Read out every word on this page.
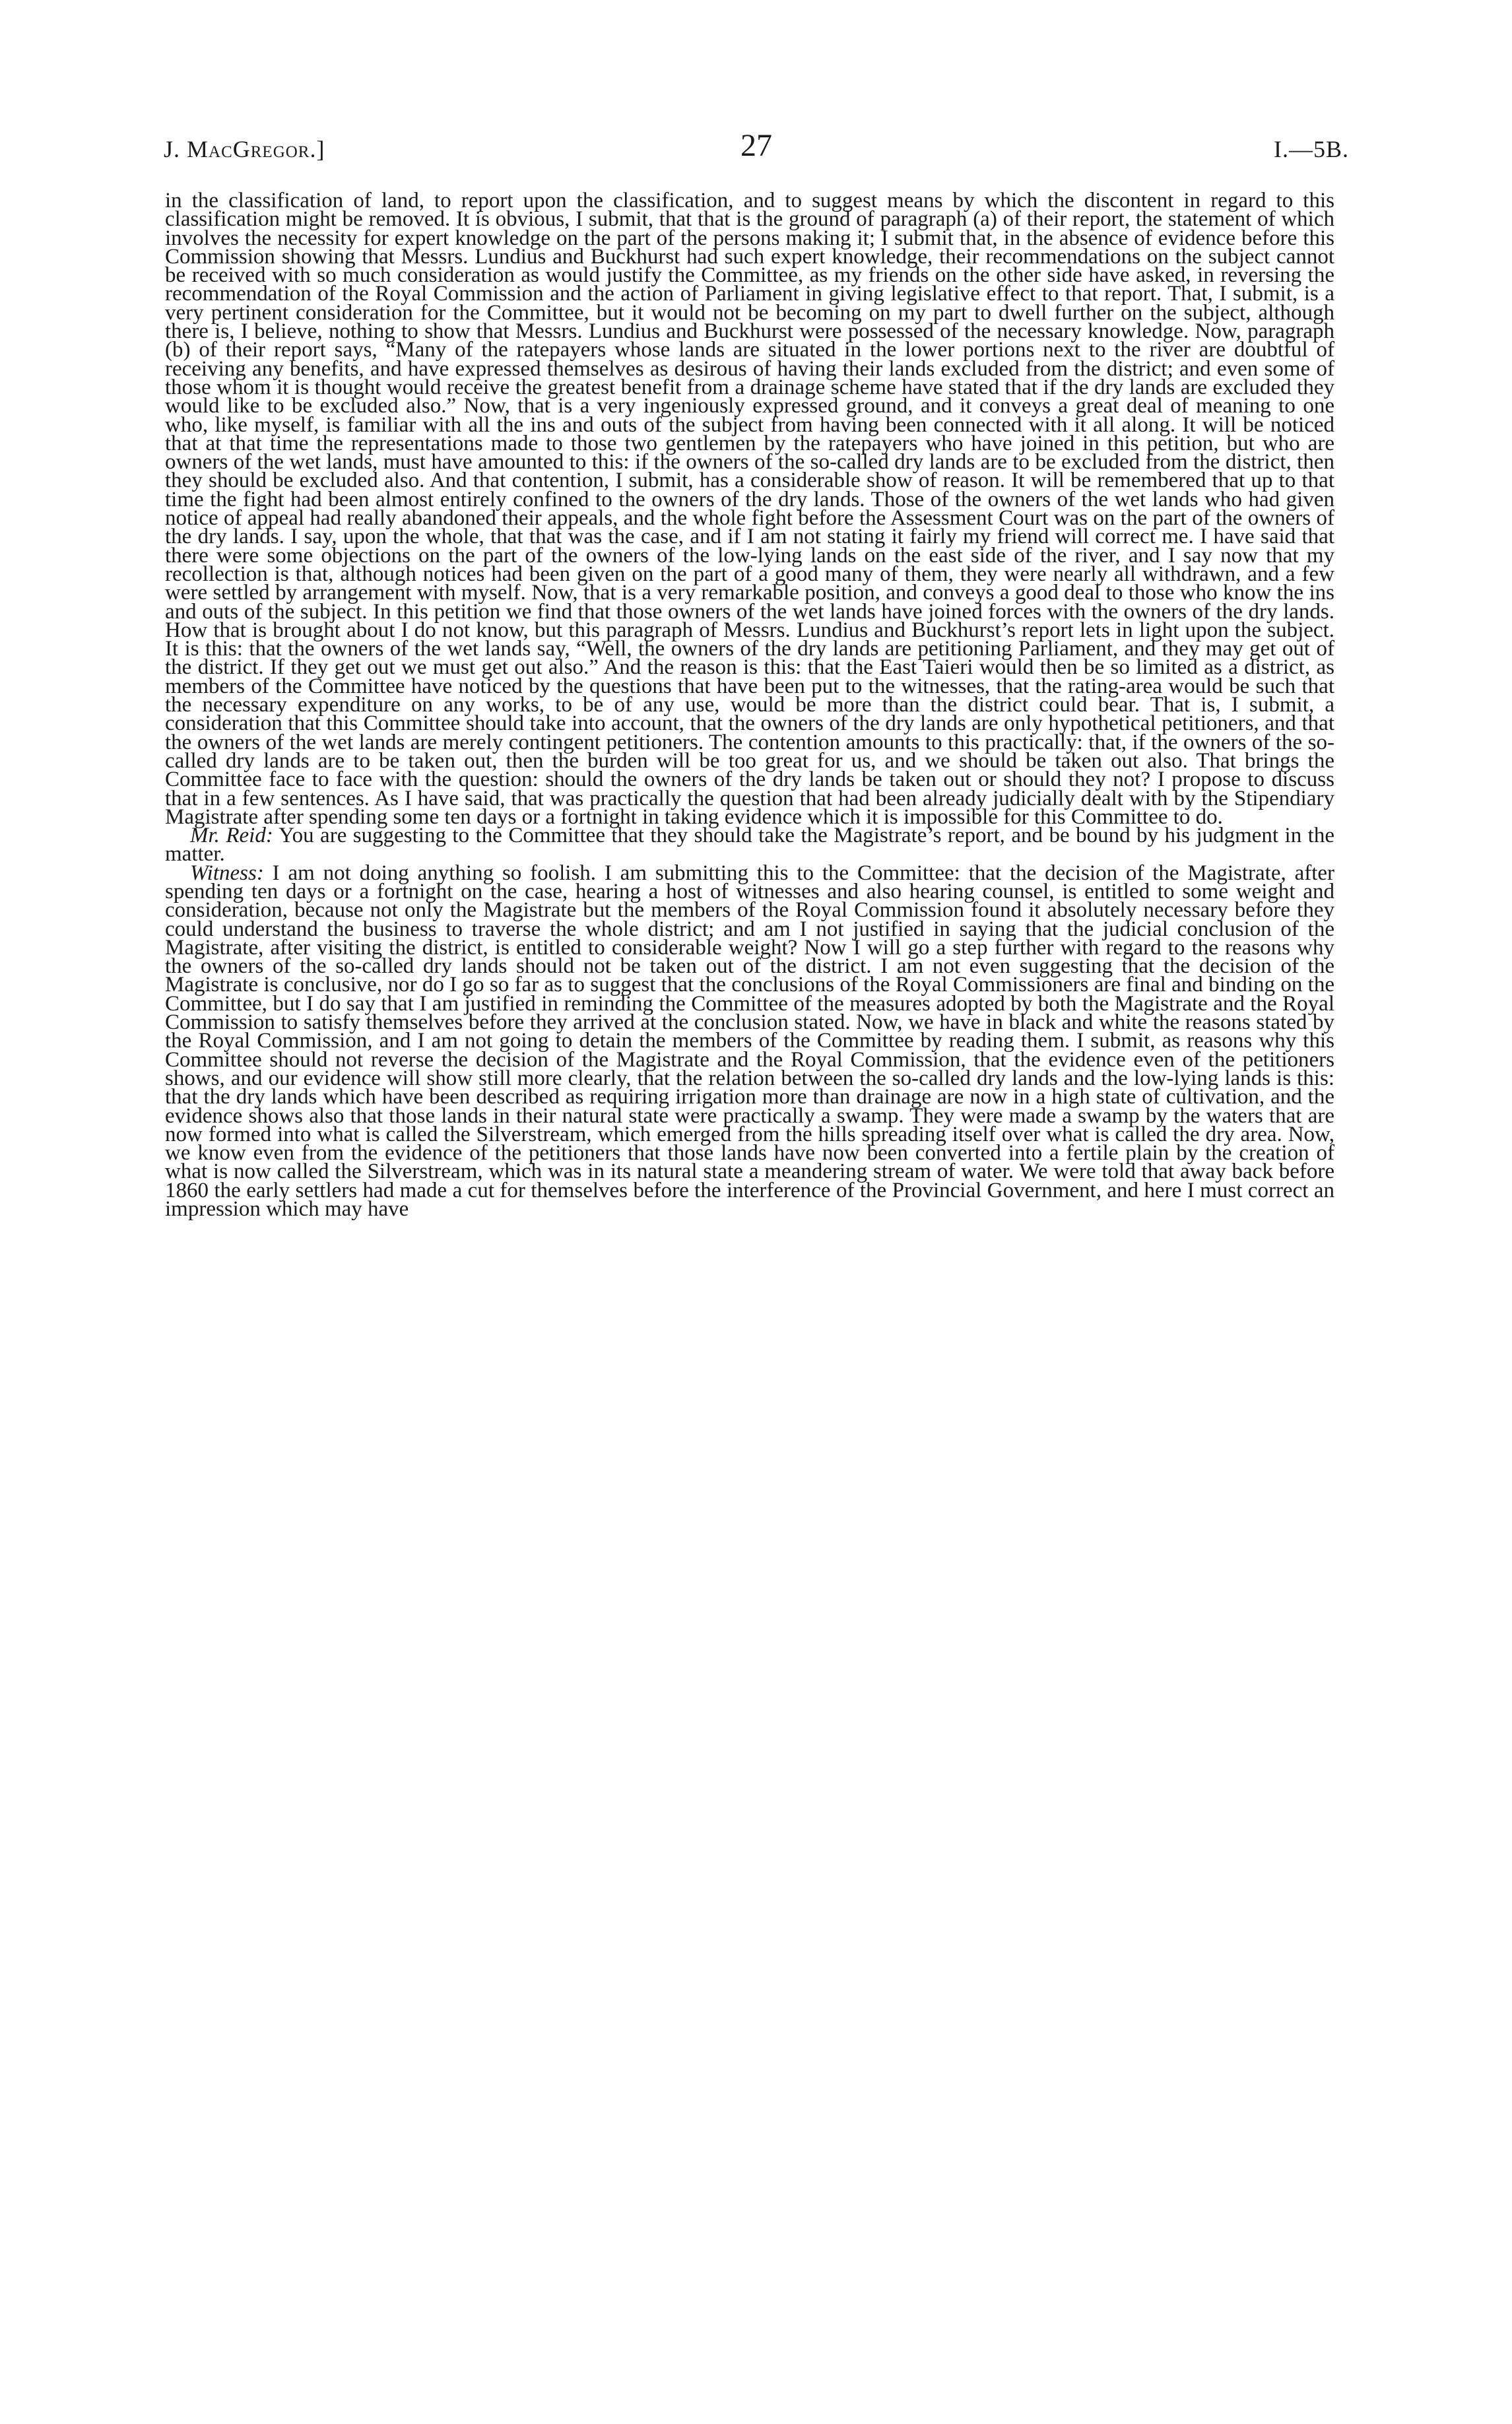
J. MacGregor.]	27	I.—5B.

in the classification of land, to report upon the classification, and to suggest means by which the discontent in regard to this classification might be removed. It is obvious, I submit, that that is the ground of paragraph (a) of their report, the statement of which involves the necessity for expert knowledge on the part of the persons making it; I submit that, in the absence of evidence before this Commission showing that Messrs. Lundius and Buckhurst had such expert knowledge, their recommendations on the subject cannot be received with so much consideration as would justify the Committee, as my friends on the other side have asked, in reversing the recommendation of the Royal Commission and the action of Parliament in giving legislative effect to that report. That, I submit, is a very pertinent consideration for the Committee, but it would not be becoming on my part to dwell further on the subject, although there is, I believe, nothing to show that Messrs. Lundius and Buckhurst were possessed of the necessary knowledge. Now, paragraph (b) of their report says, “Many of the ratepayers whose lands are situated in the lower portions next to the river are doubtful of receiving any benefits, and have expressed themselves as desirous of having their lands excluded from the district; and even some of those whom it is thought would receive the greatest benefit from a drainage scheme have stated that if the dry lands are excluded they would like to be excluded also.” Now, that is a very ingeniously expressed ground, and it conveys a great deal of meaning to one who, like myself, is familiar with all the ins and outs of the subject from having been connected with it all along. It will be noticed that at that time the representations made to those two gentlemen by the ratepayers who have joined in this petition, but who are owners of the wet lands, must have amounted to this: if the owners of the so-called dry lands are to be excluded from the district, then they should be excluded also. And that contention, I submit, has a considerable show of reason. It will be remembered that up to that time the fight had been almost entirely confined to the owners of the dry lands. Those of the owners of the wet lands who had given notice of appeal had really abandoned their appeals, and the whole fight before the Assessment Court was on the part of the owners of the dry lands. I say, upon the whole, that that was the case, and if I am not stating it fairly my friend will correct me. I have said that there were some objections on the part of the owners of the low-lying lands on the east side of the river, and I say now that my recollection is that, although notices had been given on the part of a good many of them, they were nearly all withdrawn, and a few were settled by arrangement with myself. Now, that is a very remarkable position, and conveys a good deal to those who know the ins and outs of the subject. In this petition we find that those owners of the wet lands have joined forces with the owners of the dry lands. How that is brought about I do not know, but this paragraph of Messrs. Lundius and Buckhurst’s report lets in light upon the subject. It is this: that the owners of the wet lands say, “Well, the owners of the dry lands are petitioning Parliament, and they may get out of the district. If they get out we must get out also.” And the reason is this: that the East Taieri would then be so limited as a district, as members of the Committee have noticed by the questions that have been put to the witnesses, that the rating-area would be such that the necessary expenditure on any works, to be of any use, would be more than the district could bear. That is, I submit, a consideration that this Committee should take into account, that the owners of the dry lands are only hypothetical petitioners, and that the owners of the wet lands are merely contingent petitioners. The contention amounts to this practically: that, if the owners of the so-called dry lands are to be taken out, then the burden will be too great for us, and we should be taken out also. That brings the Committee face to face with the question: should the owners of the dry lands be taken out or should they not? I propose to discuss that in a few sentences. As I have said, that was practically the question that had been already judicially dealt with by the Stipendiary Magistrate after spending some ten days or a fortnight in taking evidence which it is impossible for this Committee to do.

Mr. Reid: You are suggesting to the Committee that they should take the Magistrate’s report, and be bound by his judgment in the matter.

Witness: I am not doing anything so foolish. I am submitting this to the Committee: that the decision of the Magistrate, after spending ten days or a fortnight on the case, hearing a host of witnesses and also hearing counsel, is entitled to some weight and consideration, because not only the Magistrate but the members of the Royal Commission found it absolutely necessary before they could understand the business to traverse the whole district; and am I not justified in saying that the judicial conclusion of the Magistrate, after visiting the district, is entitled to considerable weight? Now I will go a step further with regard to the reasons why the owners of the so-called dry lands should not be taken out of the district. I am not even suggesting that the decision of the Magistrate is conclusive, nor do I go so far as to suggest that the conclusions of the Royal Commissioners are final and binding on the Committee, but I do say that I am justified in reminding the Committee of the measures adopted by both the Magistrate and the Royal Commission to satisfy themselves before they arrived at the conclusion stated. Now, we have in black and white the reasons stated by the Royal Commission, and I am not going to detain the members of the Committee by reading them. I submit, as reasons why this Committee should not reverse the decision of the Magistrate and the Royal Commission, that the evidence even of the petitioners shows, and our evidence will show still more clearly, that the relation between the so-called dry lands and the low-lying lands is this: that the dry lands which have been described as requiring irrigation more than drainage are now in a high state of cultivation, and the evidence shows also that those lands in their natural state were practically a swamp. They were made a swamp by the waters that are now formed into what is called the Silverstream, which emerged from the hills spreading itself over what is called the dry area. Now, we know even from the evidence of the petitioners that those lands have now been converted into a fertile plain by the creation of what is now called the Silverstream, which was in its natural state a meandering stream of water. We were told that away back before 1860 the early settlers had made a cut for themselves before the interference of the Provincial Government, and here I must correct an impression which may have
